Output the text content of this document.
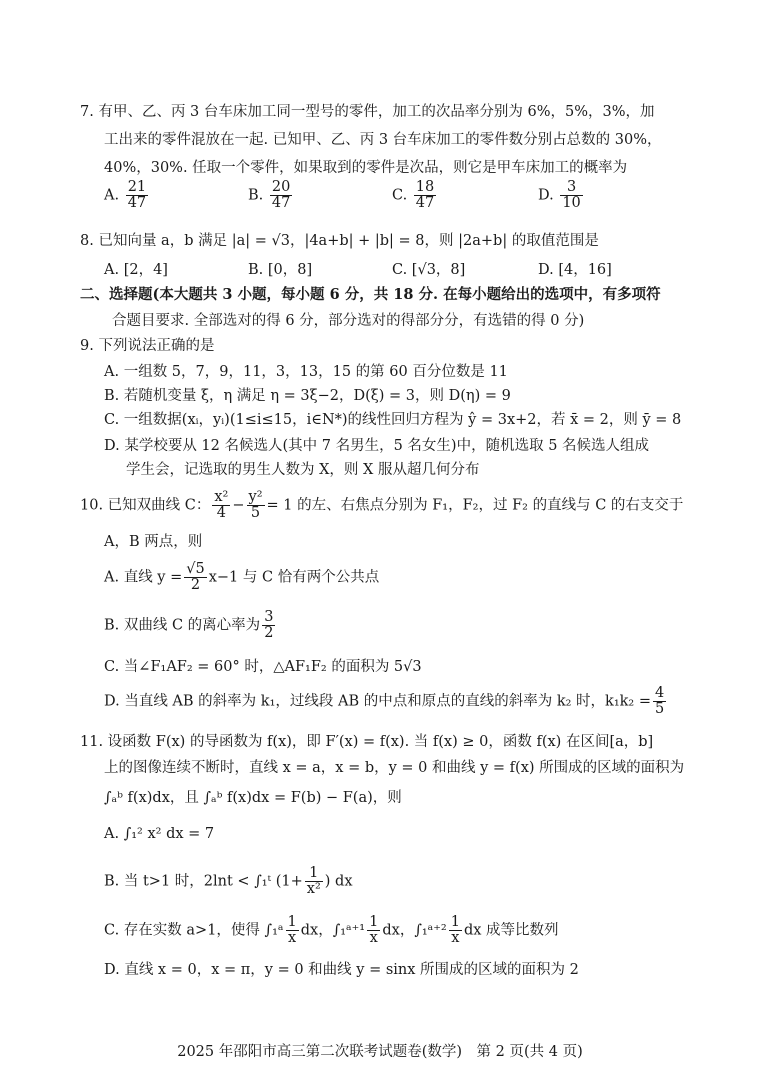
7. 有甲、乙、丙 3 台车床加工同一型号的零件，加工的次品率分别为 6%，5%，3%，加
工出来的零件混放在一起. 已知甲、乙、丙 3 台车床加工的零件数分别占总数的 30%，
40%，30%. 任取一个零件，如果取到的零件是次品，则它是甲车床加工的概率为
A. $\frac{21}{47}$	B. $\frac{20}{47}$	C. $\frac{18}{47}$	D. $\frac{3}{10}$
8. 已知向量 a，b 满足 |a| = √3，|4a+b| + |b| = 8，则 |2a+b| 的取值范围是
A. [2，4]	B. [0，8]	C. [√3，8]	D. [4，16]
二、选择题(本大题共 3 小题，每小题 6 分，共 18 分. 在每小题给出的选项中，有多项符
合题目要求. 全部选对的得 6 分，部分选对的得部分分，有选错的得 0 分)
9. 下列说法正确的是
A. 一组数 5，7，9，11，3，13，15 的第 60 百分位数是 11
B. 若随机变量 ξ，η 满足 η = 3ξ−2，D(ξ) = 3，则 D(η) = 9
C. 一组数据(xᵢ，yᵢ)(1≤i≤15，i∈N*)的线性回归方程为 ŷ = 3x+2，若 x̄ = 2，则 ȳ = 8
D. 某学校要从 12 名候选人(其中 7 名男生，5 名女生)中，随机选取 5 名候选人组成
学生会，记选取的男生人数为 X，则 X 服从超几何分布
10. 已知双曲线 C： $\frac{\text{x²}}{4} - \frac{\text{y²}}{5} = 1$ 的左、右焦点分别为 F₁，F₂，过 F₂ 的直线与 C 的右支交于
A，B 两点，则
A. 直线 $y = \frac{√5}{2} x-1$ 与 C 恰有两个公共点
B. 双曲线 C 的离心率为 $\frac{3}{2}$
C. 当∠F₁AF₂ = 60° 时，△AF₁F₂ 的面积为 5√3
D. 当直线 AB 的斜率为 k₁，过线段 AB 的中点和原点的直线的斜率为 k₂ 时，$k_1k_2 = \frac{4}{5}$
11. 设函数 F(x) 的导函数为 f(x)，即 F′(x) = f(x). 当 f(x) ≥ 0，函数 f(x) 在区间[a，b]
上的图像连续不断时，直线 x = a，x = b，y = 0 和曲线 y = f(x) 所围成的区域的面积为
∫ₐᵇ f(x)dx，且 ∫ₐᵇ f(x)dx = F(b) − F(a)，则
A. ∫₁² x² dx = 7
B. 当 t>1 时，2lnt < ∫₁ᵗ ($1+ \frac{1}{\text{x²}}$ ) dx
C. 存在实数 a>1，使得 ∫₁ᵃ $\frac{1}{x}$ dx，∫₁ᵃ⁺¹ $\frac{1}{x}$ dx，∫₁ᵃ⁺² $\frac{1}{x}$ dx 成等比数列
D. 直线 x = 0，x = π，y = 0 和曲线 y = sinx 所围成的区域的面积为 2
2025 年邵阳市高三第二次联考试题卷(数学)　第 2 页(共 4 页)
